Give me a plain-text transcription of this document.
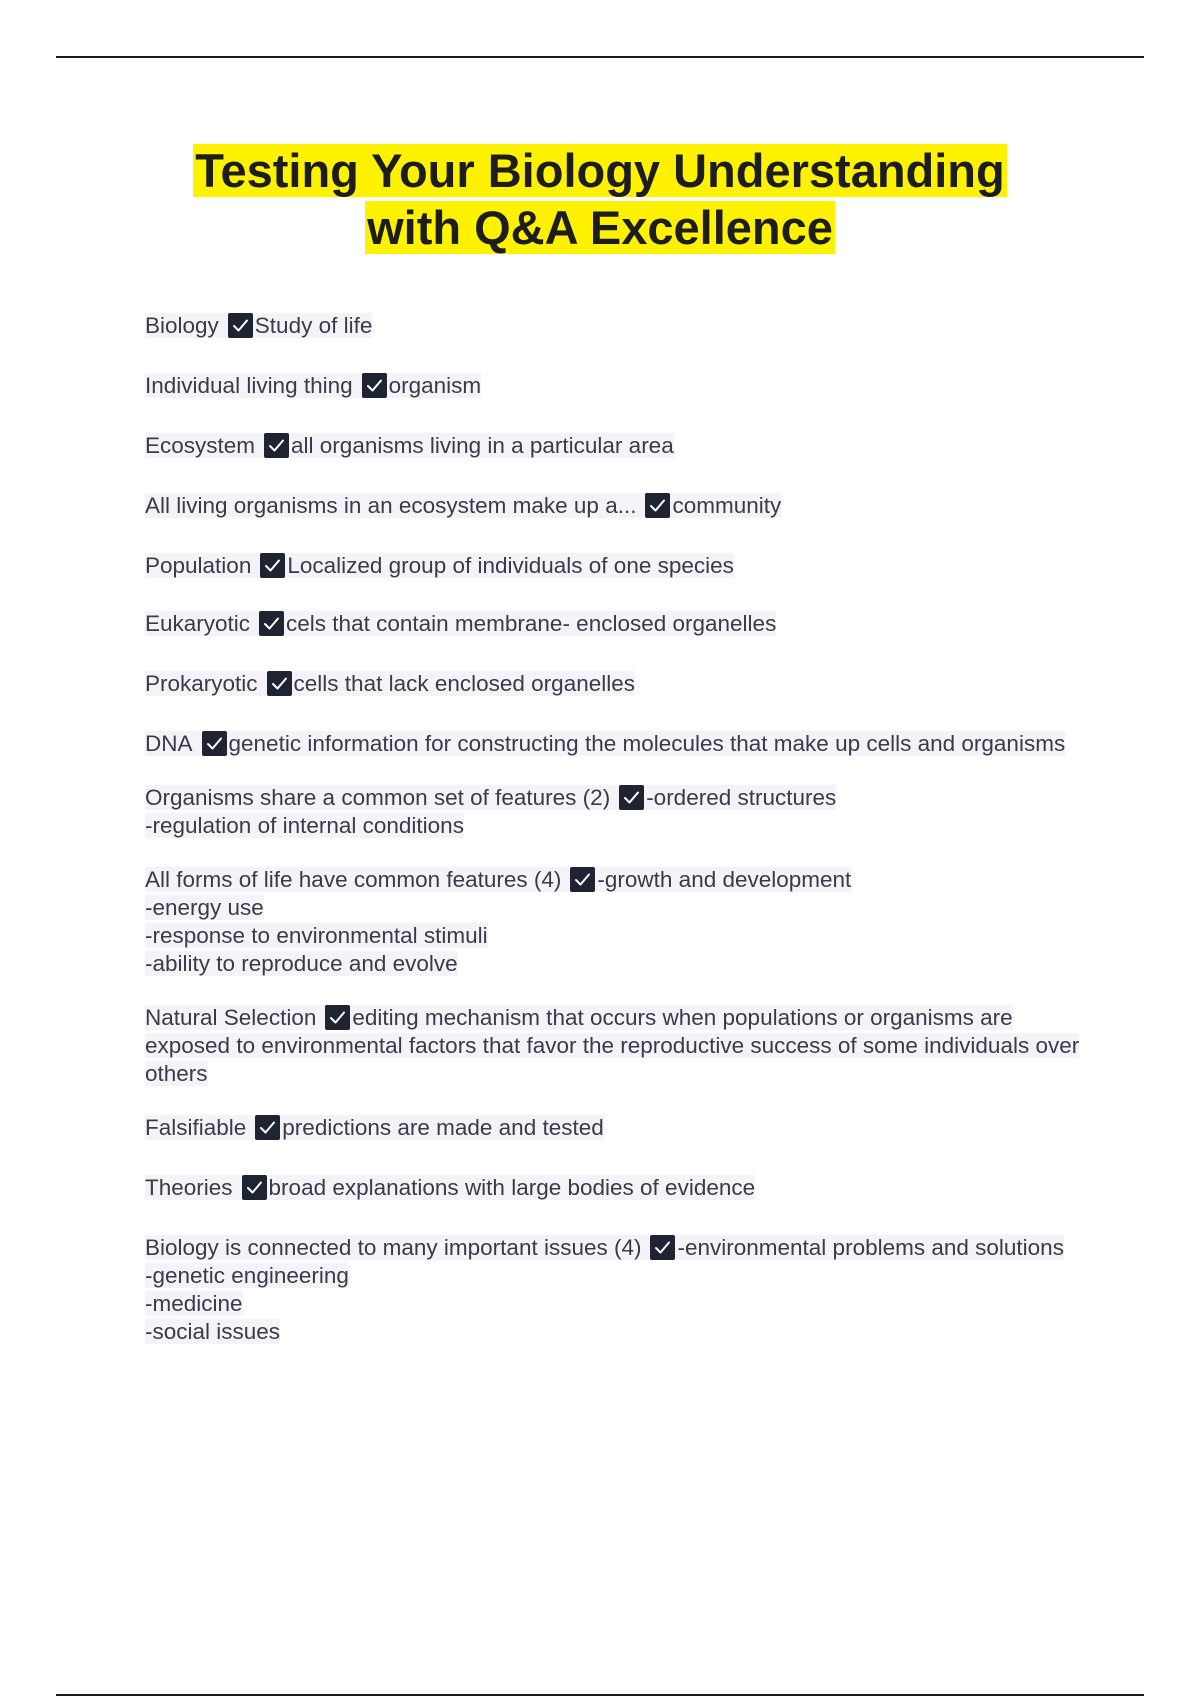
Testing Your Biology Understanding
with Q&A Excellence

Biology Study of life

Individual living thing organism

Ecosystem all organisms living in a particular area

All living organisms in an ecosystem make up a... community

Population Localized group of individuals of one species

Eukaryotic cels that contain membrane- enclosed organelles

Prokaryotic cells that lack enclosed organelles

DNA genetic information for constructing the molecules that make up cells and organisms

Organisms share a common set of features (2) -ordered structures
-regulation of internal conditions

All forms of life have common features (4) -growth and development
-energy use
-response to environmental stimuli
-ability to reproduce and evolve

Natural Selection editing mechanism that occurs when populations or organisms are exposed to environmental factors that favor the reproductive success of some individuals over others

Falsifiable predictions are made and tested

Theories broad explanations with large bodies of evidence

Biology is connected to many important issues (4) -environmental problems and solutions
-genetic engineering
-medicine
-social issues
